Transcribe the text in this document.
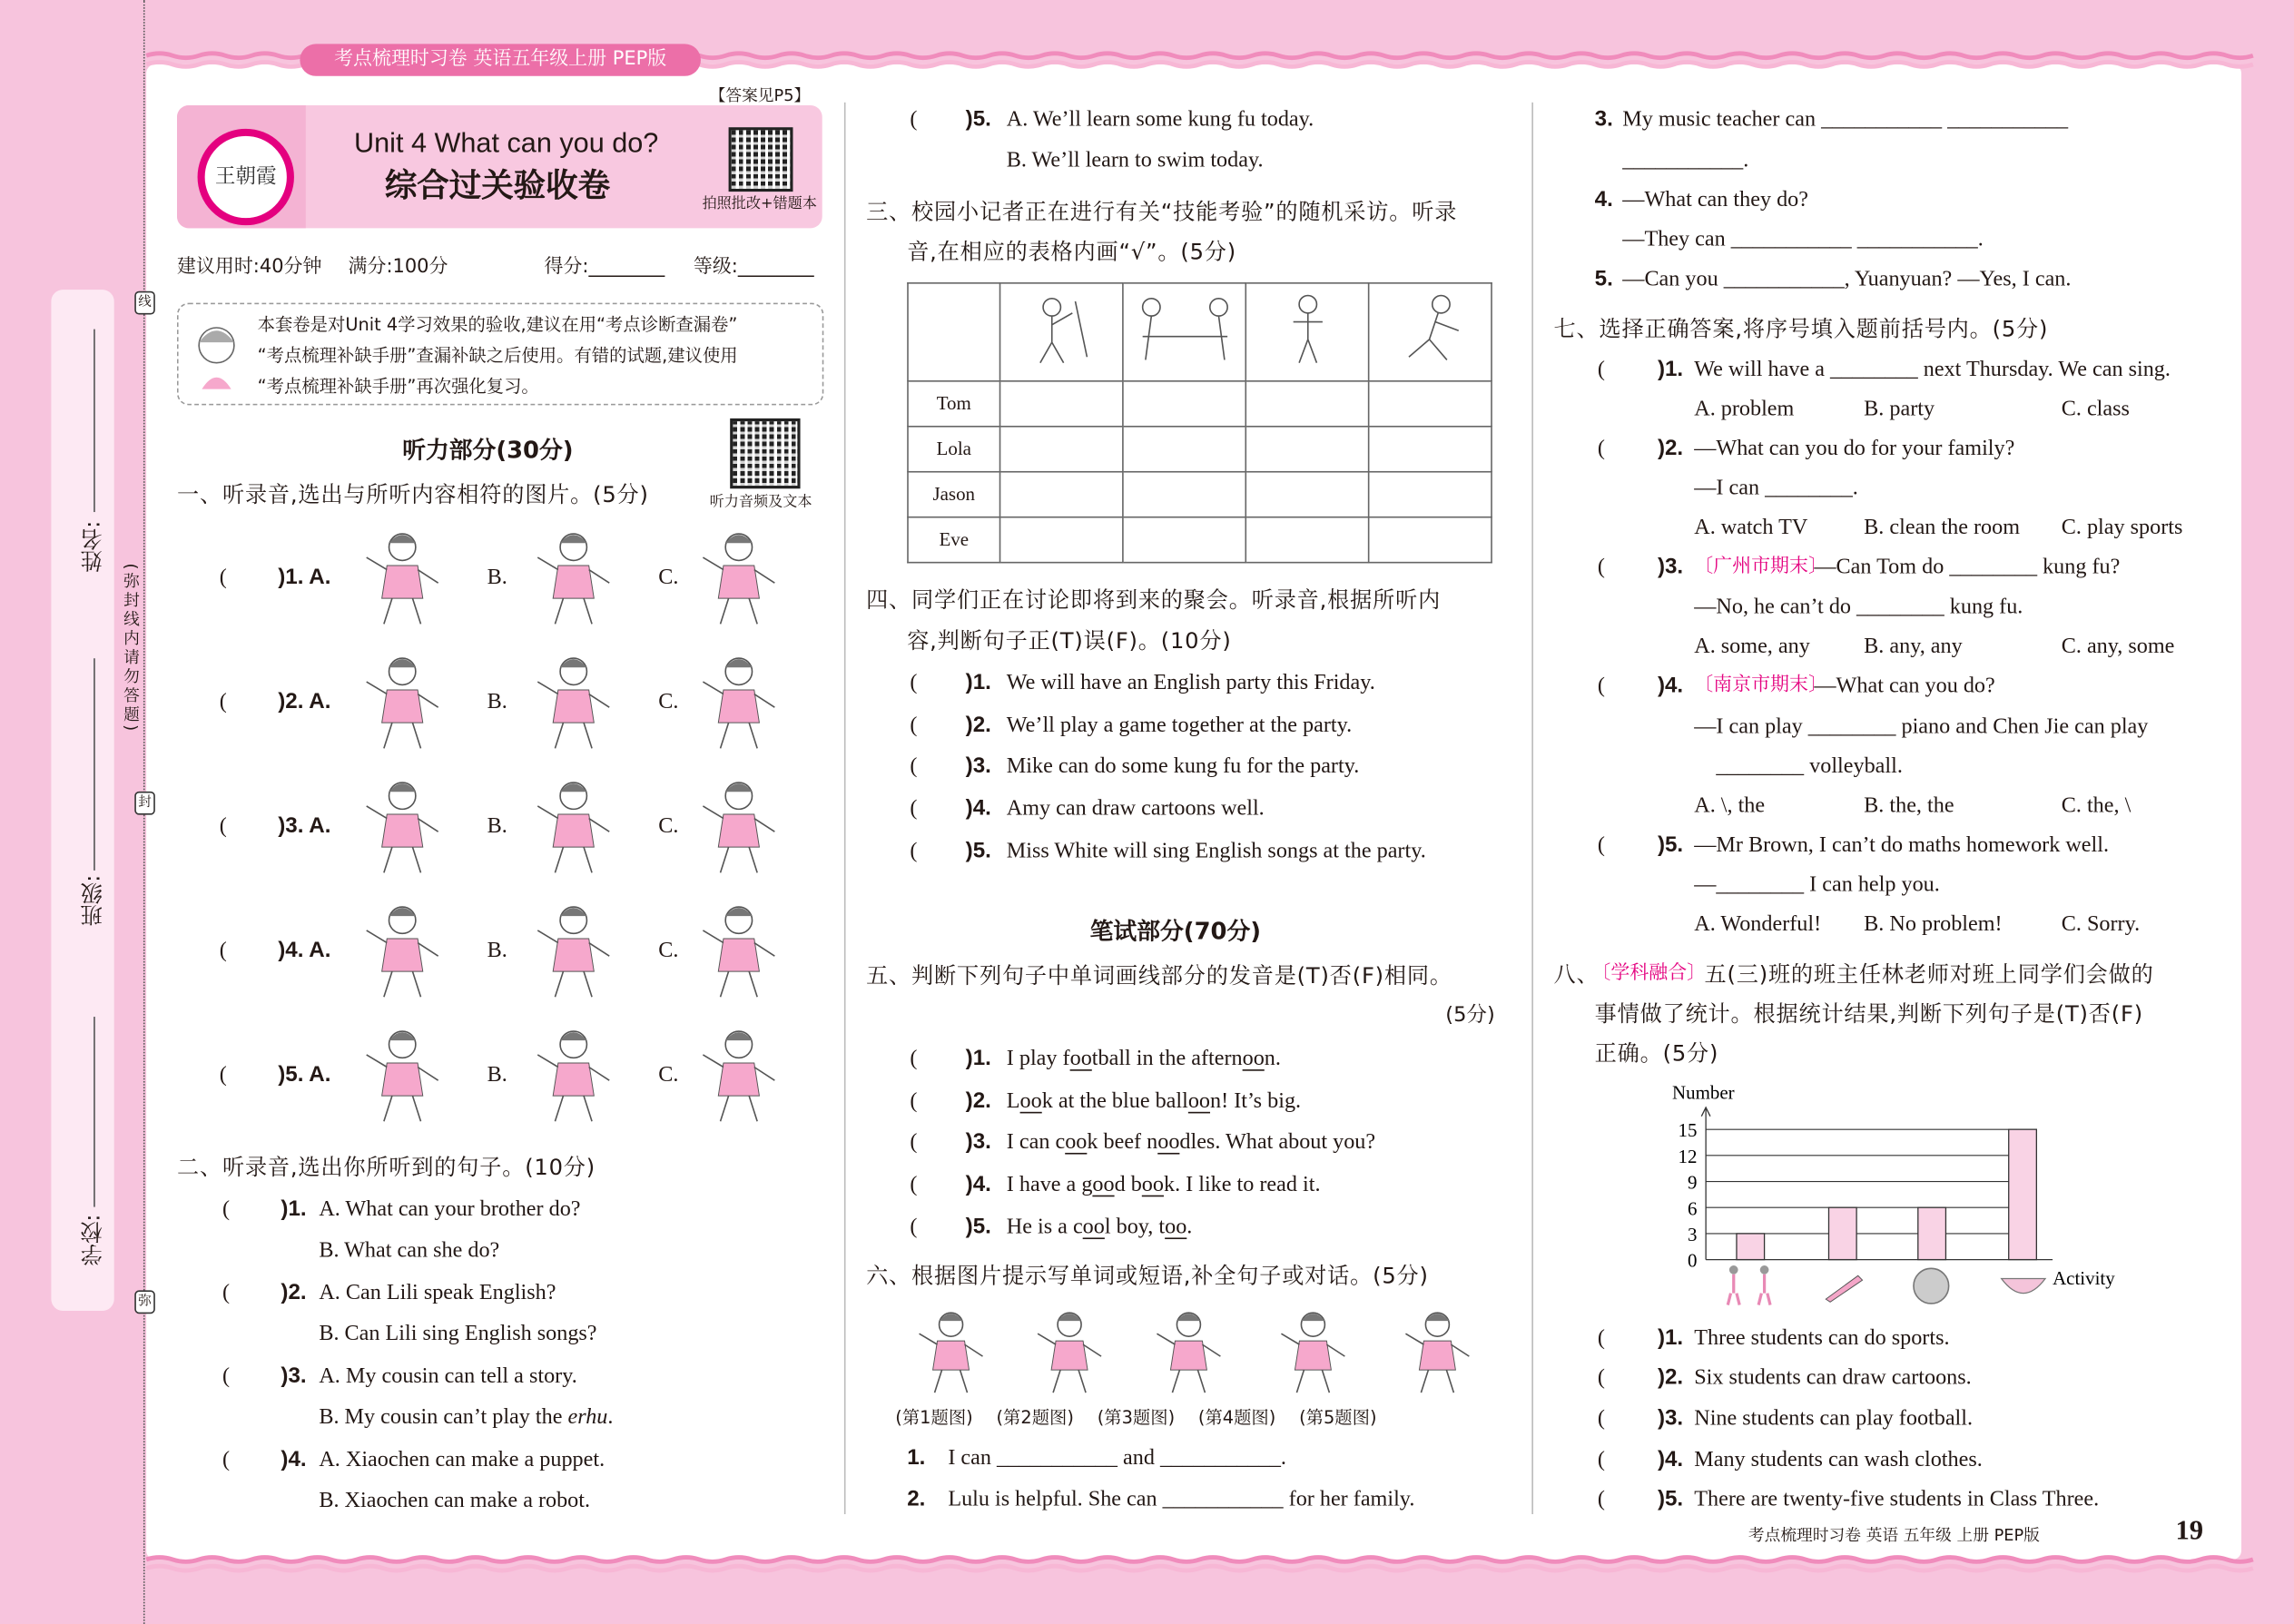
姓名:
班级:
学校:
(弥封线内请勿答题)
线
封
弥
考点梳理时习卷 英语五年级上册 PEP版
【答案见P5】
王朝霞
Unit 4 What can you do?
综合过关验收卷	拍照批改+错题本
建议用时:40分钟 满分:100分	得分:________ 等级:________
本套卷是对Unit 4学习效果的验收,建议在用“考点诊断查漏卷”
“考点梳理补缺手册”查漏补缺之后使用。有错的试题,建议使用
“考点梳理补缺手册”再次强化复习。
听力部分(30分)
听力音频及文本
一、听录音,选出与所听内容相符的图片。(5分)
二、听录音,选出你所听到的句子。(10分)
三、校园小记者正在进行有关“技能考验”的随机采访。听录
音,在相应的表格内画“√”。(5分)

Tom				
Lola				
Jason				
Eve				
四、同学们正在讨论即将到来的聚会。听录音,根据所听内
容,判断句子正(T)误(F)。(10分)
笔试部分(70分)
五、判断下列句子中单词画线部分的发音是(T)否(F)相同。
(5分)
六、根据图片提示写单词或短语,补全句子或对话。(5分)
七、选择正确答案,将序号填入题前括号内。(5分)
八、
〔学科融合〕
五(三)班的班主任林老师对班上同学们会做的
事情做了统计。根据统计结果,判断下列句子是(T)否(F)
正确。(5分)
0
3
6
9
12
15
Number
Activity
考点梳理时习卷 英语 五年级 上册 PEP版	19
(	)1. A.	B.	C.
(	)2. A.	B.	C.
(	)3. A.	B.	C.
(	)4. A.	B.	C.
(	)5. A.	B.	C.
(	)1. A. What can your brother do?
B. What can she do?
(	)2. A. Can Lili speak English?
B. Can Lili sing English songs?
(	)3. A. My cousin can tell a story.
B. My cousin can’t play the erhu.
(	)4. A. Xiaochen can make a puppet.
B. Xiaochen can make a robot.
(	)5. A. We’ll learn some kung fu today.
B. We’ll learn to swim today.
(	)1. We will have an English party this Friday.
(	)2. We’ll play a game together at the party.
(	)3. Mike can do some kung fu for the party.
(	)4. Amy can draw cartoons well.
(	)5. Miss White will sing English songs at the party.
(	)1. I play football in the afternoon.
(	)2. Look at the blue balloon! It’s big.
(	)3. I can cook beef noodles. What about you?
(	)4. I have a good book. I like to read it.
(	)5. He is a cool boy, too.
(第1题图) (第2题图) (第3题图) (第4题图) (第5题图)
1. I can ___________ and ___________.
2. Lulu is helpful. She can ___________ for her family.
3. My music teacher can ___________ ___________
4. —What can they do?
5. —Can you ___________, Yuanyuan? —Yes, I can.
___________.
—They can ___________ ___________.
(	)1. We will have a ________ next Thursday. We can sing.
A. problem	B. party	C. class
(	)2. —What can you do for your family?
—I can ________.
A. watch TV	B. clean the room	C. play sports
(	)3. 〔广州市期末〕
—Can Tom do ________ kung fu?
—No, he can’t do ________ kung fu.
A. some, any	B. any, any	C. any, some
(	)4. 〔南京市期末〕
—What can you do?
—I can play ________ piano and Chen Jie can play
________ volleyball.
A. \, the	B. the, the	C. the, \
(	)5. —Mr Brown, I can’t do maths homework well.
—________ I can help you.
A. Wonderful!	B. No problem!	C. Sorry.
(	)1. Three students can do sports.
(	)2. Six students can draw cartoons.
(	)3. Nine students can play football.
(	)4. Many students can wash clothes.
(	)5. There are twenty-five students in Class Three.
